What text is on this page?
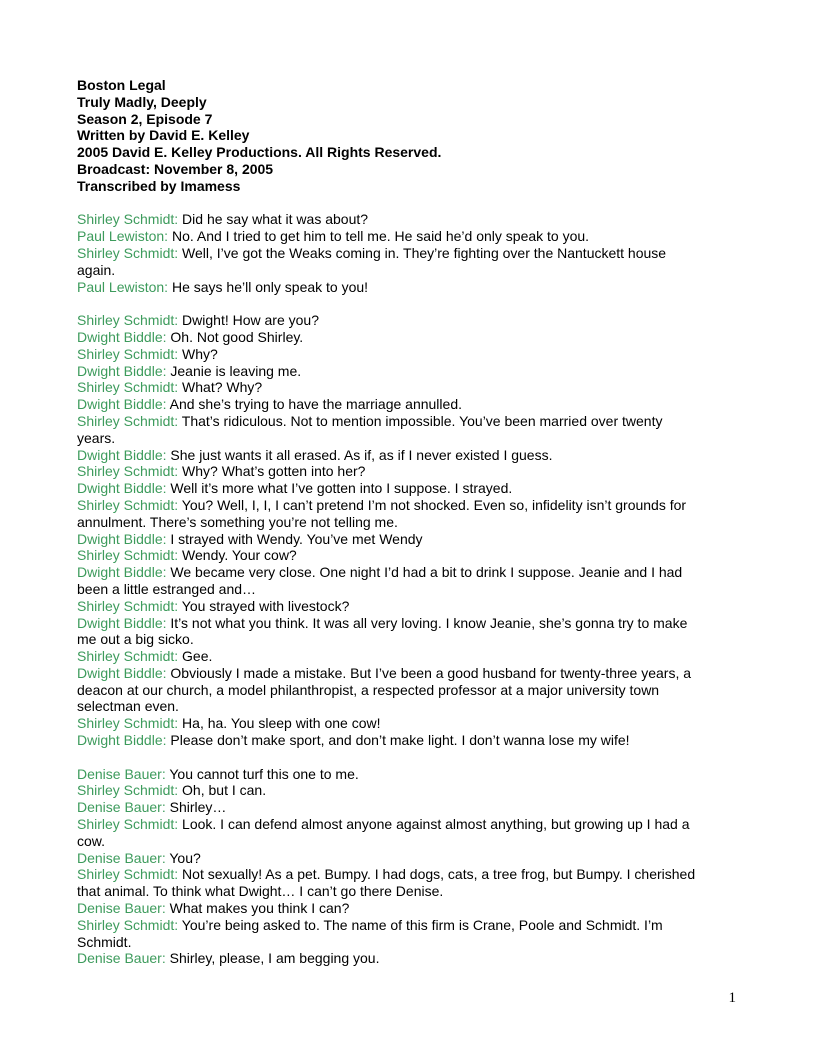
Boston Legal

Truly Madly, Deeply

Season 2, Episode 7

Written by David E. Kelley

2005 David E. Kelley Productions. All Rights Reserved.

Broadcast: November 8, 2005

Transcribed by Imamess

Shirley Schmidt: Did he say what it was about?

Paul Lewiston: No. And I tried to get him to tell me. He said he’d only speak to you.

Shirley Schmidt: Well, I’ve got the Weaks coming in. They’re fighting over the Nantuckett house again.

Paul Lewiston: He says he’ll only speak to you!

Shirley Schmidt: Dwight! How are you?

Dwight Biddle: Oh. Not good Shirley.

Shirley Schmidt: Why?

Dwight Biddle: Jeanie is leaving me.

Shirley Schmidt: What? Why?

Dwight Biddle: And she’s trying to have the marriage annulled.

Shirley Schmidt: That’s ridiculous. Not to mention impossible. You’ve been married over twenty years.

Dwight Biddle: She just wants it all erased. As if, as if I never existed I guess.

Shirley Schmidt: Why? What’s gotten into her?

Dwight Biddle: Well it’s more what I’ve gotten into I suppose. I strayed.

Shirley Schmidt: You? Well, I, I, I can’t pretend I’m not shocked. Even so, infidelity isn’t grounds for annulment. There’s something you’re not telling me.

Dwight Biddle: I strayed with Wendy. You’ve met Wendy

Shirley Schmidt: Wendy. Your cow?

Dwight Biddle: We became very close. One night I’d had a bit to drink I suppose. Jeanie and I had been a little estranged and…

Shirley Schmidt: You strayed with livestock?

Dwight Biddle: It’s not what you think. It was all very loving. I know Jeanie, she’s gonna try to make me out a big sicko.

Shirley Schmidt: Gee.

Dwight Biddle: Obviously I made a mistake. But I’ve been a good husband for twenty-three years, a deacon at our church, a model philanthropist, a respected professor at a major university town selectman even.

Shirley Schmidt: Ha, ha. You sleep with one cow!

Dwight Biddle: Please don’t make sport, and don’t make light. I don’t wanna lose my wife!

Denise Bauer: You cannot turf this one to me.

Shirley Schmidt: Oh, but I can.

Denise Bauer: Shirley…

Shirley Schmidt: Look. I can defend almost anyone against almost anything, but growing up I had a cow.

Denise Bauer: You?

Shirley Schmidt: Not sexually! As a pet. Bumpy. I had dogs, cats, a tree frog, but Bumpy. I cherished that animal. To think what Dwight… I can’t go there Denise.

Denise Bauer: What makes you think I can?

Shirley Schmidt: You’re being asked to. The name of this firm is Crane, Poole and Schmidt. I’m Schmidt.

Denise Bauer: Shirley, please, I am begging you.

1
